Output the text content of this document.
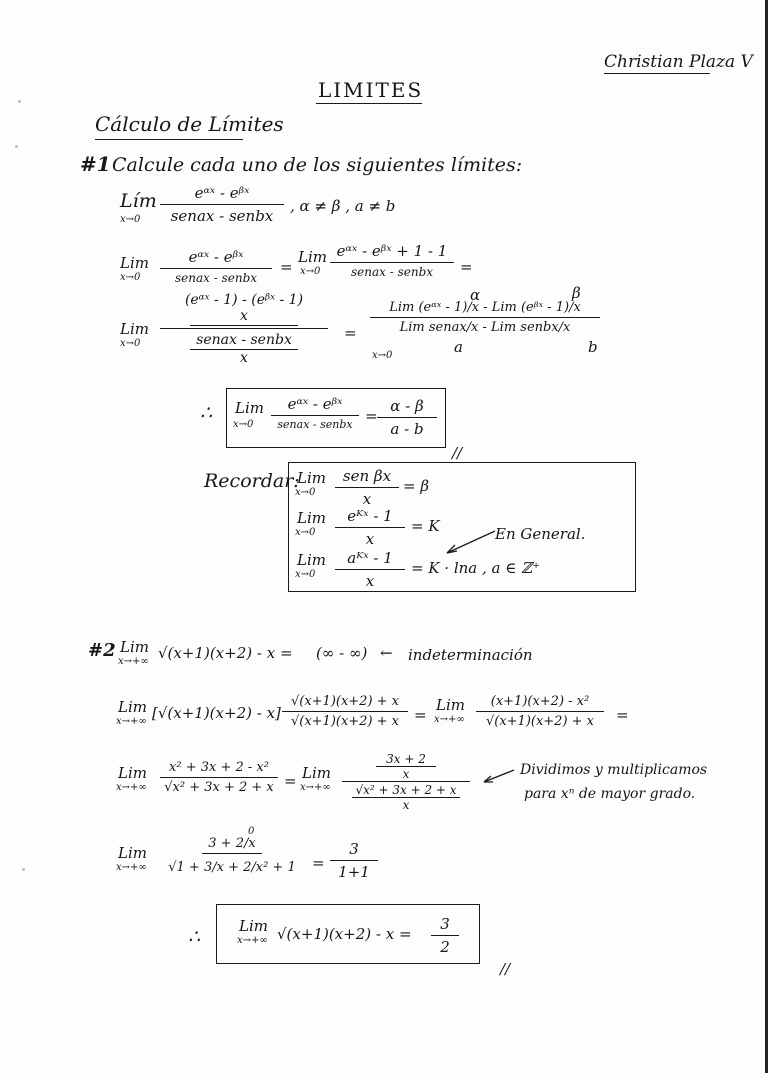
Christian Plaza V
LIMITES
Cálculo de Límites
#1 Calcule cada uno de los siguientes límites:
Lím
x→0
eᵅˣ - eᵝˣ
senax - senbx
, α ≠ β , a ≠ b
Lim
x→0
eᵅˣ - eᵝˣ
senax - senbx
=
Lim
x→0
eᵅˣ - eᵝˣ + 1 - 1
senax - senbx	=
Lim
x→0
(eᵅˣ - 1) - (eᵝˣ - 1)
x
senax - senbx
x
=
Lim (eᵅˣ - 1)/x - Lim (eᵝˣ - 1)/x
Lim senax/x - Lim senbx/x
x→0
α	β
a	b
∴ Lim
x→0
eᵅˣ - eᵝˣ
senax - senbx = $\frac{\alpha - \beta}{a - b}$
//
Recordar:
Lim
x→0
sen βx
x
= β
Lim
x→0
eᴷˣ - 1
x
= K
Lim
x→0
aᴷˣ - 1
x
= K · lna , a ∈ ℤ⁺
En General.
#2 Lim
x→+∞ √(x+1)(x+2) - x = (∞ - ∞) ← indeterminación
Lim
x→+∞ $[√(x+1)(x+2) - x] \frac{√(x+1)(x+2) + x}{√(x+1)(x+2) + x}$ =
Lim
$x\to+\infty \frac{\text{(x+1)(x+2) - x²}}{√(x+1)(x+2) + x}$ =
Lim
$x\to+\infty \frac{\text{x² + 3x + 2 - x²}}{\text{√x² + 3x + 2 + x}}$ = Lim
x→+∞
3x + 2
x
√x² + 3x + 2 + x
x
Dividimos y multiplicamos
para xⁿ de mayor grado.
Lim
$x\to+\infty \frac{3 + 2/x}{\text{√1 + 3/x + 2/x² + 1}}$
0
= $\frac{3}{1+1}$
∴	Lim
x→+∞ $√(x+1)(x+2) - x = \frac{3}{2}$
//
